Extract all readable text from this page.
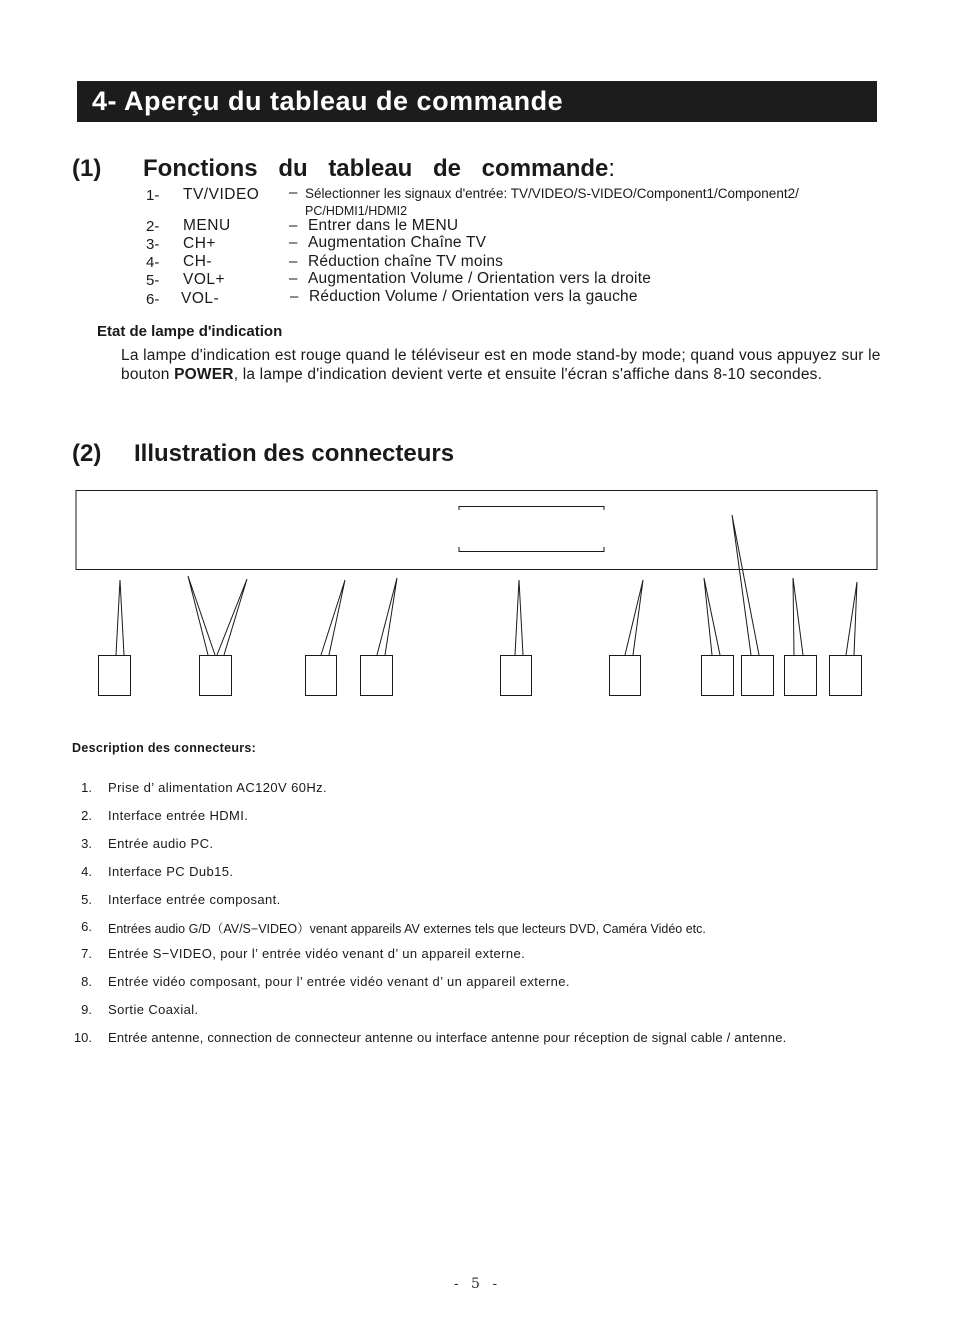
4- Aperçu du tableau de commande
(1) Fonctions du tableau de commande:
1- TV/VIDEO – Sélectionner les signaux d'entrée: TV/VIDEO/S-VIDEO/Component1/Component2/
PC/HDMI1/HDMI2
2- MENU	– Entrer dans le MENU
3- CH+	– Augmentation Chaîne TV
4- CH-	– Réduction chaîne TV moins
5- VOL+	– Augmentation Volume / Orientation vers la droite
6- VOL-	– Réduction Volume / Orientation vers la gauche
Etat de lampe d'indication
La lampe d'indication est rouge quand le téléviseur est en mode stand-by mode; quand vous appuyez sur le bouton POWER, la lampe d'indication devient verte et ensuite l'écran s'affiche dans 8-10 secondes.
(2) Illustration des connecteurs
Description des connecteurs:
1. Prise d’ alimentation AC120V 60Hz.
2. Interface entrée HDMI.
3. Entrée audio PC.
4. Interface PC Dub15.
5. Interface entrée composant.
6. Entrées audio G/D（AV/S−VIDEO）venant appareils AV externes tels que lecteurs DVD, Caméra Vidéo etc.
7. Entrée S−VIDEO, pour l’ entrée vidéo venant d’ un appareil externe.
8. Entrée vidéo composant, pour l’ entrée vidéo venant d’ un appareil externe.
9. Sortie Coaxial.
10. Entrée antenne, connection de connecteur antenne ou interface antenne pour réception de signal cable / antenne.
- 5 -
